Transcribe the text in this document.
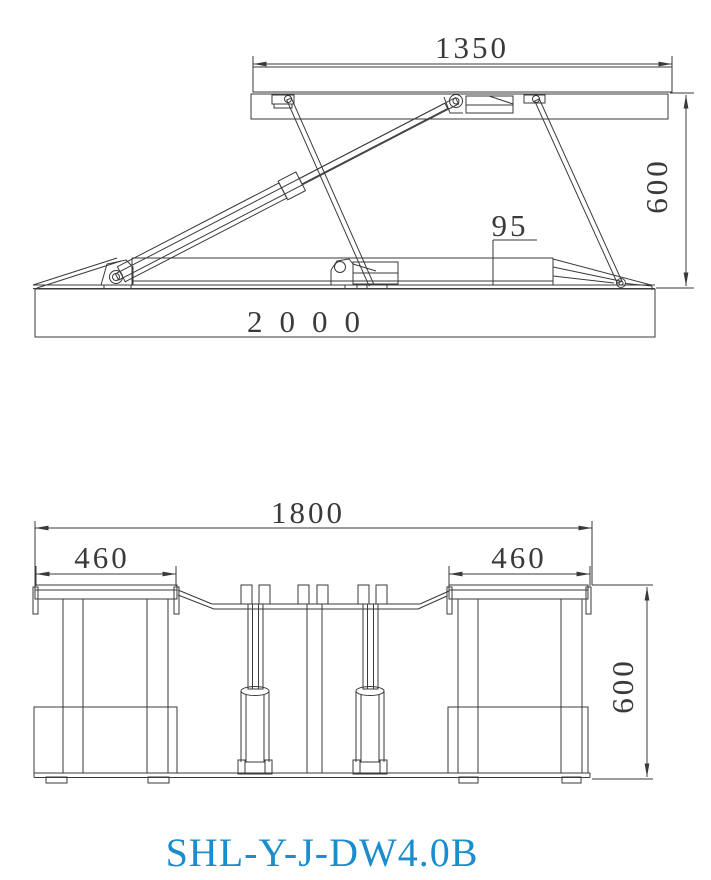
1350
600
95
2000
1800
460	460
600
SHL-Y-J-DW4.0B
